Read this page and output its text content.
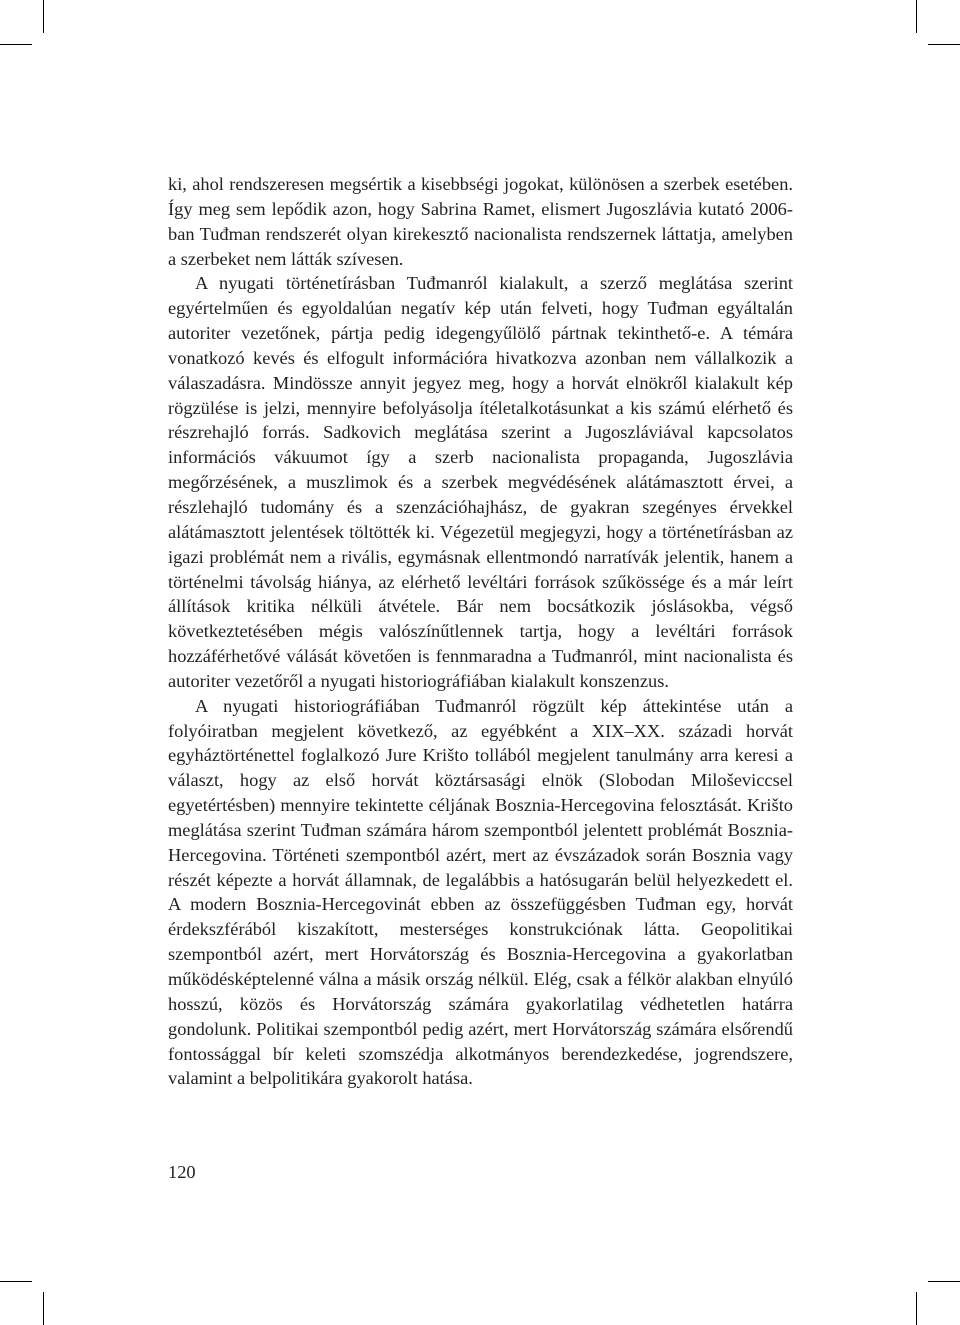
ki, ahol rendszeresen megsértik a kisebbségi jogokat, különösen a szerbek esetében. Így meg sem lepődik azon, hogy Sabrina Ramet, elismert Jugoszlávia kutató 2006-ban Tuđman rendszerét olyan kirekesztő nacionalista rendszernek láttatja, amelyben a szerbeket nem látták szívesen.

A nyugati történetírásban Tuđmanról kialakult, a szerző meglátása szerint egyértelműen és egyoldalúan negatív kép után felveti, hogy Tuđman egyáltalán autoriter vezetőnek, pártja pedig idegengyűlölő pártnak tekinthető-e. A témára vonatkozó kevés és elfogult információra hivatkozva azonban nem vállalkozik a válaszadásra. Mindössze annyit jegyez meg, hogy a horvát elnökről kialakult kép rögzülése is jelzi, mennyire befolyásolja ítéletalkotásunkat a kis számú elérhető és részrehajló forrás. Sadkovich meglátása szerint a Jugoszláviával kapcsolatos információs vákuumot így a szerb nacionalista propaganda, Jugoszlávia megőrzésének, a muszlimok és a szerbek megvédésének alátámasztott érvei, a részlehajló tudomány és a szenzációhajhász, de gyakran szegényes érvekkel alátámasztott jelentések töltötték ki. Végezetül megjegyzi, hogy a történetírásban az igazi problémát nem a rivális, egymásnak ellentmondó narratívák jelentik, hanem a történelmi távolság hiánya, az elérhető levéltári források szűkössége és a már leírt állítások kritika nélküli átvétele. Bár nem bocsátkozik jóslásokba, végső következtetésében mégis valószínűtlennek tartja, hogy a levéltári források hozzáférhetővé válását követően is fennmaradna a Tuđmanról, mint nacionalista és autoriter vezetőről a nyugati historiográfiában kialakult konszenzus.

A nyugati historiográfiában Tuđmanról rögzült kép áttekintése után a folyóiratban megjelent következő, az egyébként a XIX–XX. századi horvát egyháztörténettel foglalkozó Jure Krišto tollából megjelent tanulmány arra keresi a választ, hogy az első horvát köztársasági elnök (Slobodan Miloševiccsel egyetértésben) mennyire tekintette céljának Bosznia-Hercegovina felosztását. Krišto meglátása szerint Tuđman számára három szempontból jelentett problémát Bosznia-Hercegovina. Történeti szempontból azért, mert az évszázadok során Bosznia vagy részét képezte a horvát államnak, de legalábbis a hatósugarán belül helyezkedett el. A modern Bosznia-Hercegovinát ebben az összefüggésben Tuđman egy, horvát érdekszférából kiszakított, mesterséges konstrukciónak látta. Geopolitikai szempontból azért, mert Horvátország és Bosznia-Hercegovina a gyakorlatban működésképtelenné válna a másik ország nélkül. Elég, csak a félkör alakban elnyúló hosszú, közös és Horvátország számára gyakorlatilag védhetetlen határra gondolunk. Politikai szempontból pedig azért, mert Horvátország számára elsőrendű fontossággal bír keleti szomszédja alkotmányos berendezkedése, jogrendszere, valamint a belpolitikára gyakorolt hatása.

120
